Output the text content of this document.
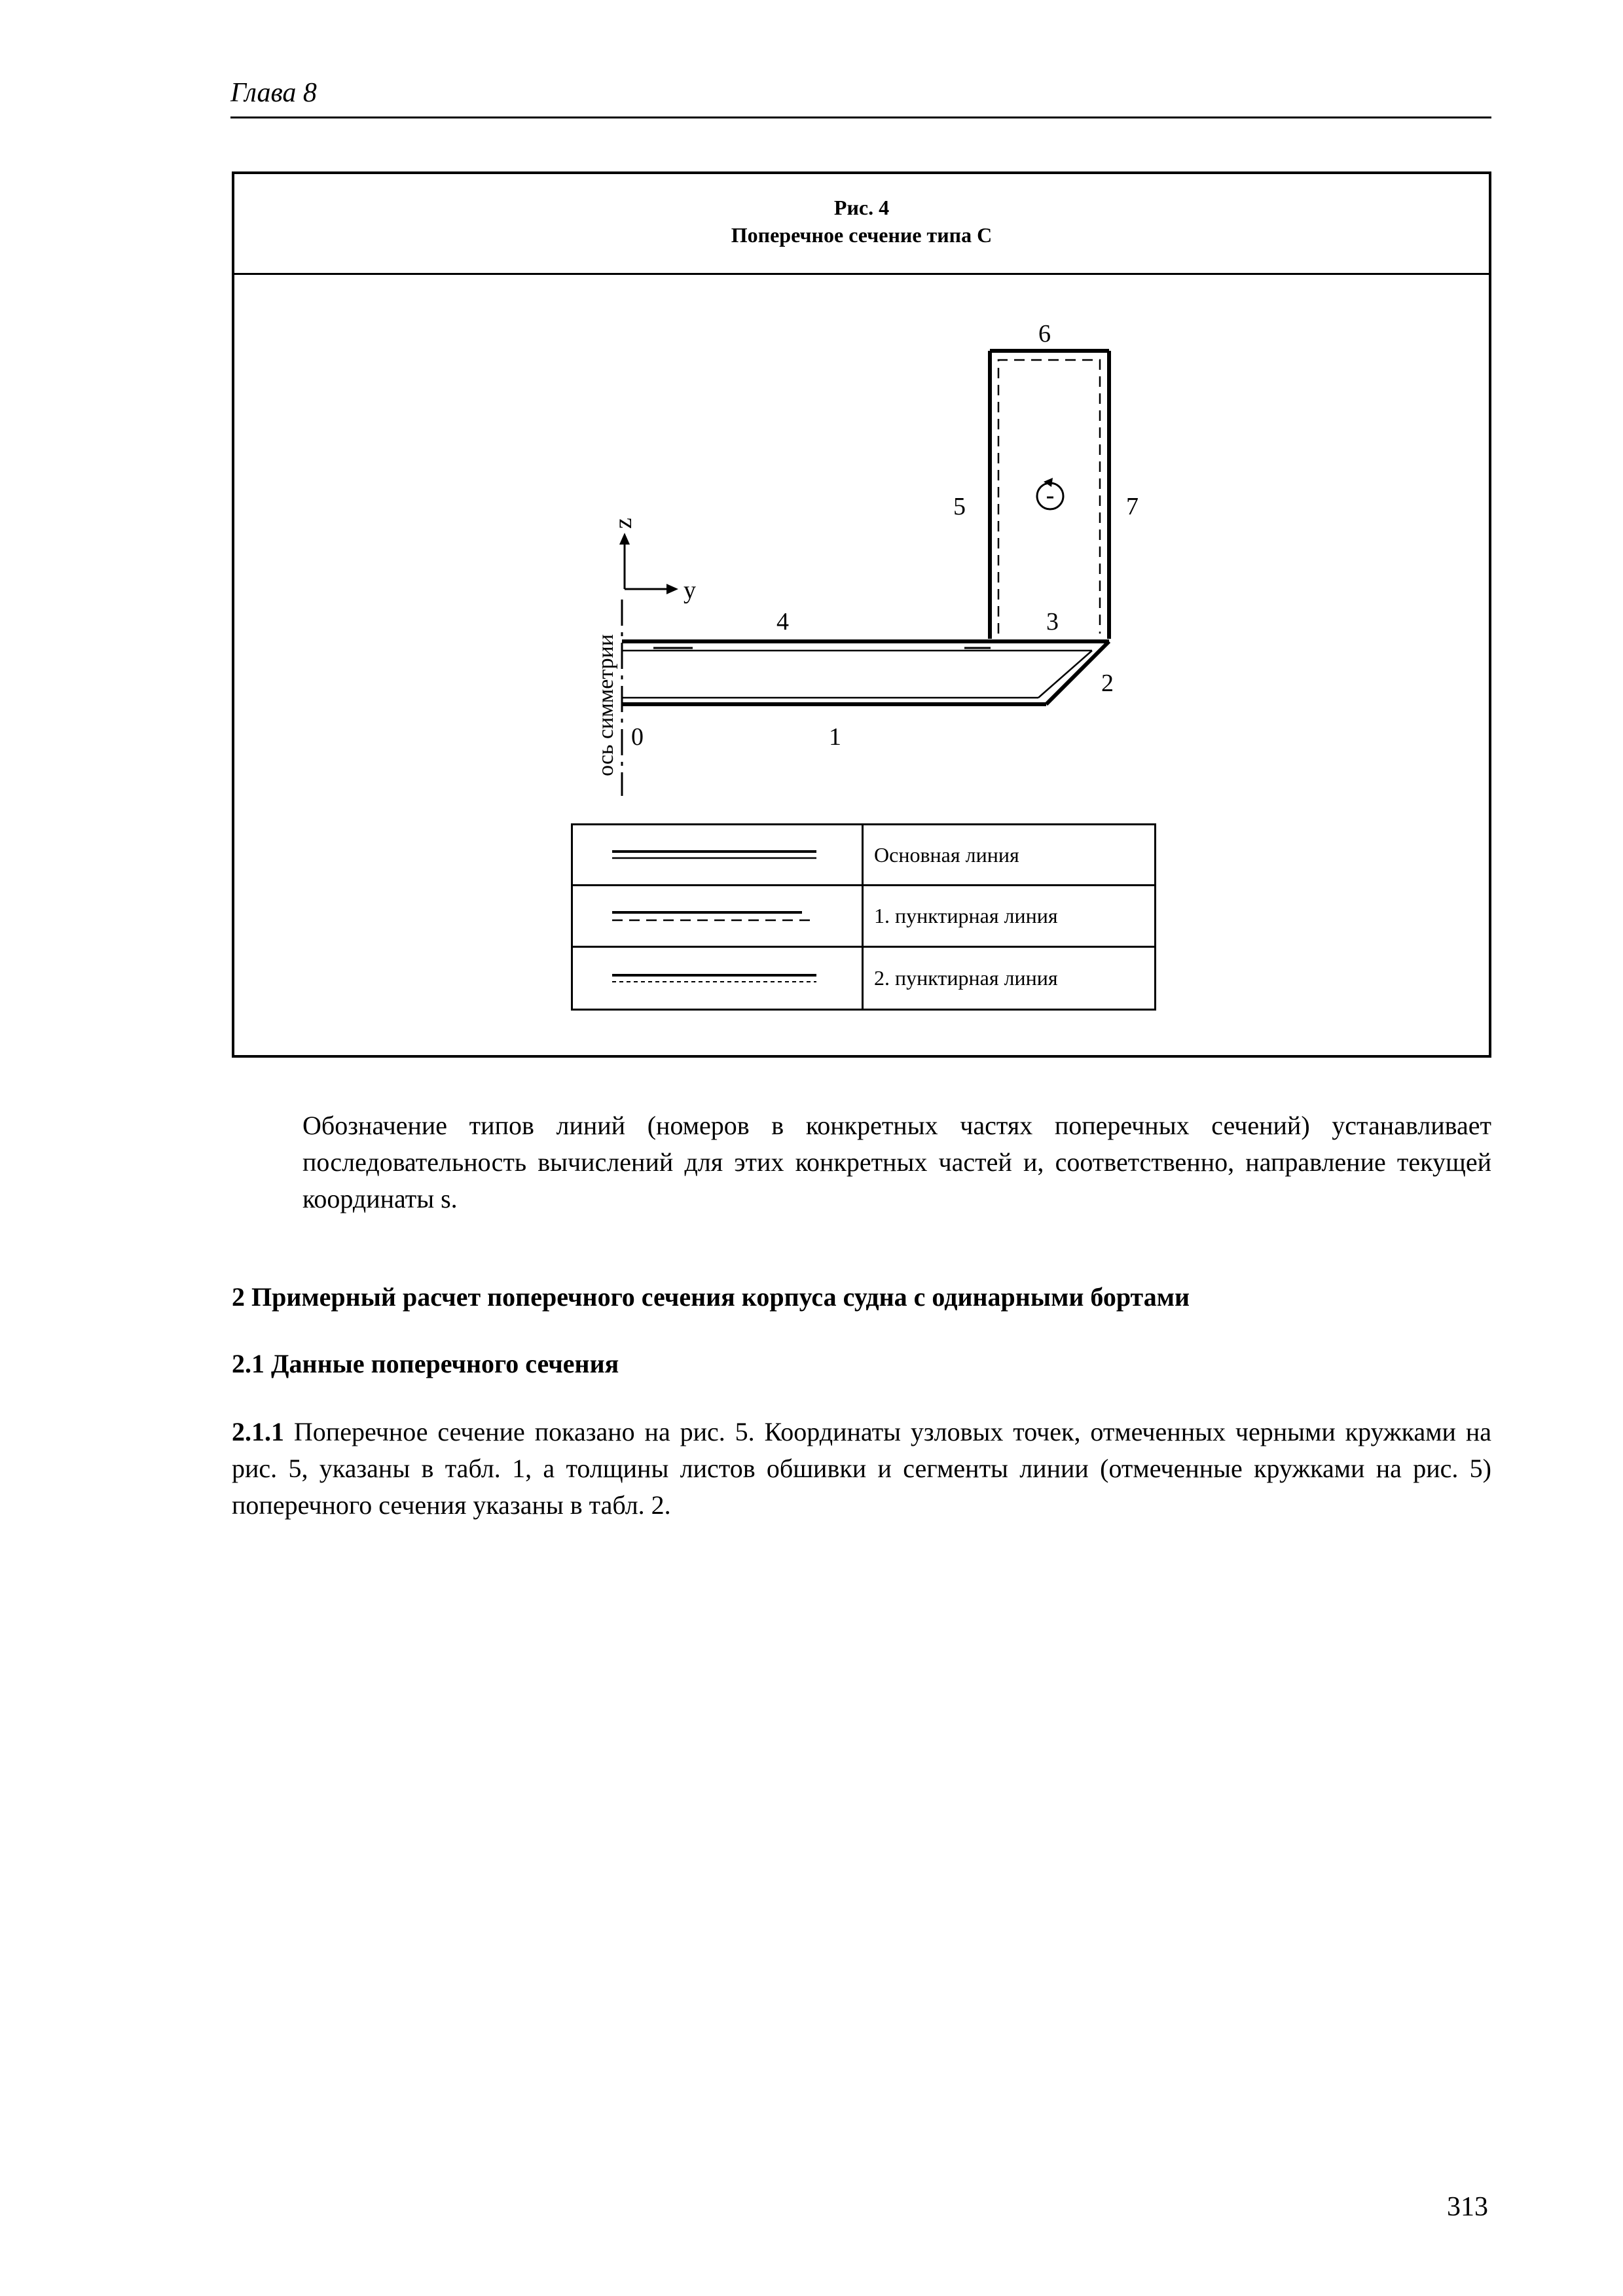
Глава 8
Рис. 4
Поперечное сечение типа С
z
y
6
5	7
4	3
2
0	1
ось симметрии
Основная линия
1. пунктирная линия
2. пунктирная линия
Обозначение типов линий (номеров в конкретных частях поперечных сечений) устанавливает последовательность вычислений для этих конкретных частей и, соответственно, направление текущей координаты s.
2 Примерный расчет поперечного сечения корпуса судна с одинарными бортами
2.1 Данные поперечного сечения
2.1.1 Поперечное сечение показано на рис. 5. Координаты узловых точек, отмеченных черными кружками на рис. 5, указаны в табл. 1, а толщины листов обшивки и сегменты линии (отмеченные кружками на рис. 5) поперечного сечения указаны в табл. 2.
313
